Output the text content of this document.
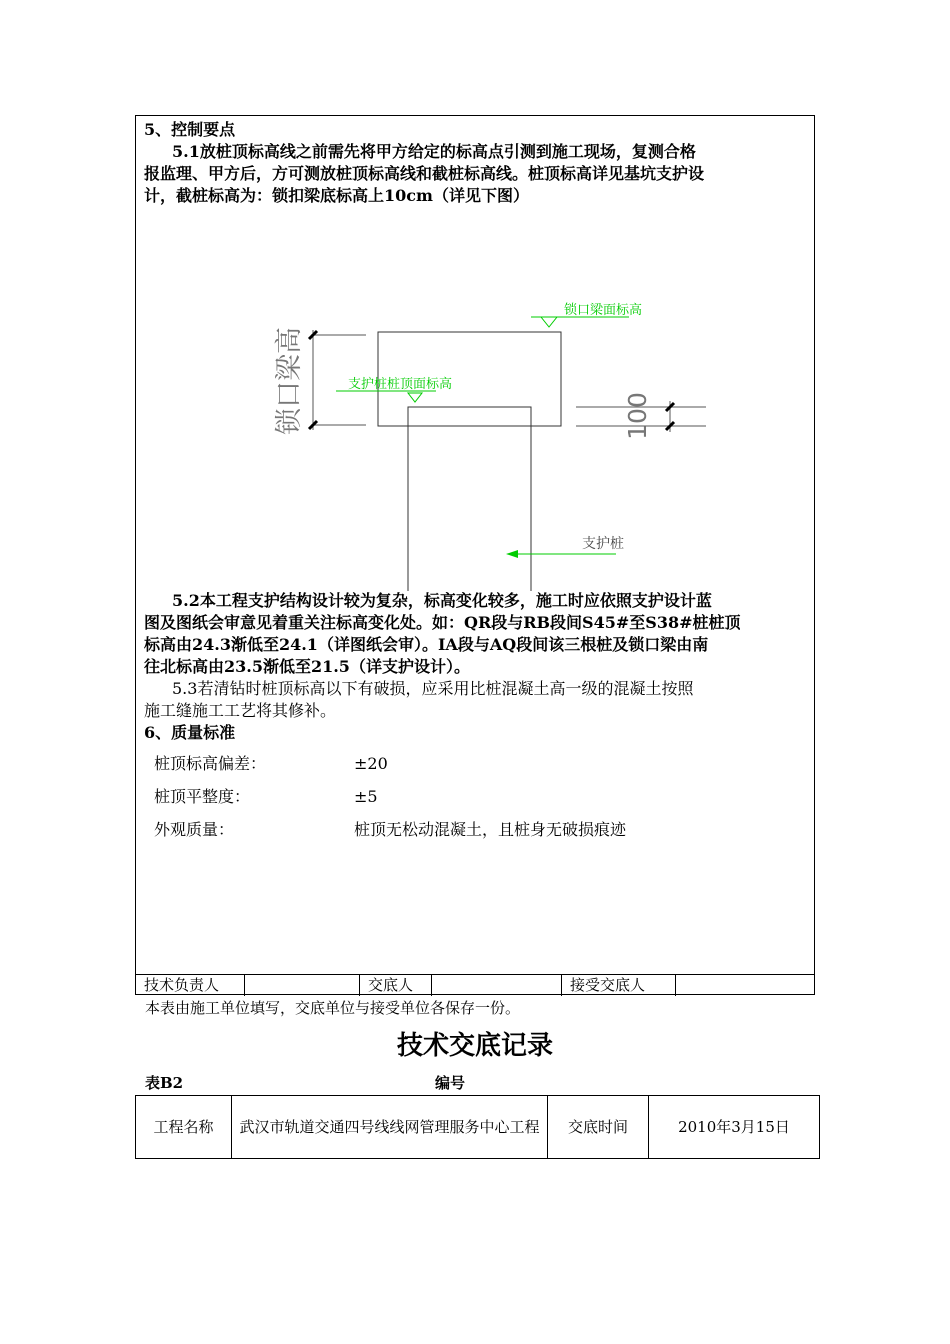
5、控制要点
5.1放桩顶标高线之前需先将甲方给定的标高点引测到施工现场，复测合格
报监理、甲方后，方可测放桩顶标高线和截桩标高线。桩顶标高详见基坑支护设
计，截桩标高为：锁扣梁底标高上10cm（详见下图）
锁口梁高
锁口梁面标高
支护桩桩顶面标高
100
支护桩
5.2本工程支护结构设计较为复杂，标高变化较多，施工时应依照支护设计蓝
图及图纸会审意见着重关注标高变化处。如：QR段与RB段间S45#至S38#桩桩顶
标高由24.3渐低至24.1（详图纸会审）。IA段与AQ段间该三根桩及锁口梁由南
往北标高由23.5渐低至21.5（详支护设计）。
5.3若清钻时桩顶标高以下有破损，应采用比桩混凝土高一级的混凝土按照
施工缝施工工艺将其修补。
6、质量标准
桩顶标高偏差：	±20
桩顶平整度：	±5
外观质量：	桩顶无松动混凝土，且桩身无破损痕迹
技术负责人	交底人	接受交底人
本表由施工单位填写，交底单位与接受单位各保存一份。
技术交底记录
表B2	编号
工程名称	武汉市轨道交通四号线线网管理服务中心工程	交底时间	2010年3月15日
